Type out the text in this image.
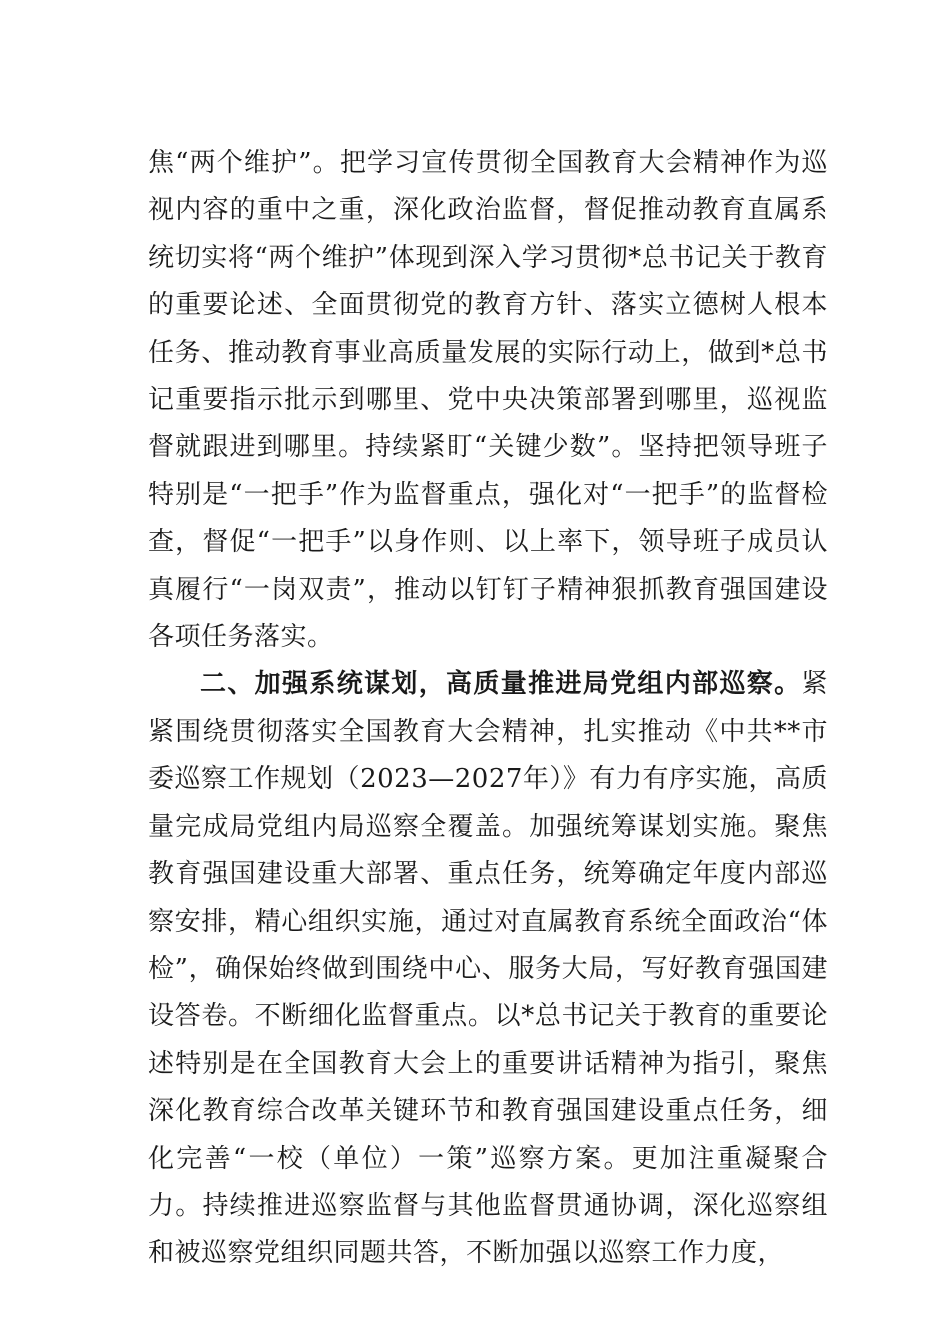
焦“两个维护”。把学习宣传贯彻全国教育大会精神作为巡视内容的重中之重，深化政治监督，督促推动教育直属系统切实将“两个维护”体现到深入学习贯彻*总书记关于教育的重要论述、全面贯彻党的教育方针、落实立德树人根本任务、推动教育事业高质量发展的实际行动上，做到*总书记重要指示批示到哪里、党中央决策部署到哪里，巡视监督就跟进到哪里。持续紧盯“关键少数”。坚持把领导班子特别是“一把手”作为监督重点，强化对“一把手”的监督检查，督促“一把手”以身作则、以上率下，领导班子成员认真履行“一岗双责”，推动以钉钉子精神狠抓教育强国建设各项任务落实。

二、加强系统谋划，高质量推进局党组内部巡察。紧紧围绕贯彻落实全国教育大会精神，扎实推动《中共**市委巡察工作规划（2023—2027年）》有力有序实施，高质量完成局党组内局巡察全覆盖。加强统筹谋划实施。聚焦教育强国建设重大部署、重点任务，统筹确定年度内部巡察安排，精心组织实施，通过对直属教育系统全面政治“体检”，确保始终做到围绕中心、服务大局，写好教育强国建设答卷。不断细化监督重点。以*总书记关于教育的重要论述特别是在全国教育大会上的重要讲话精神为指引，聚焦深化教育综合改革关键环节和教育强国建设重点任务，细化完善“一校（单位）一策”巡察方案。更加注重凝聚合力。持续推进巡察监督与其他监督贯通协调，深化巡察组和被巡察党组织同题共答，不断加强以巡察工作力度，
